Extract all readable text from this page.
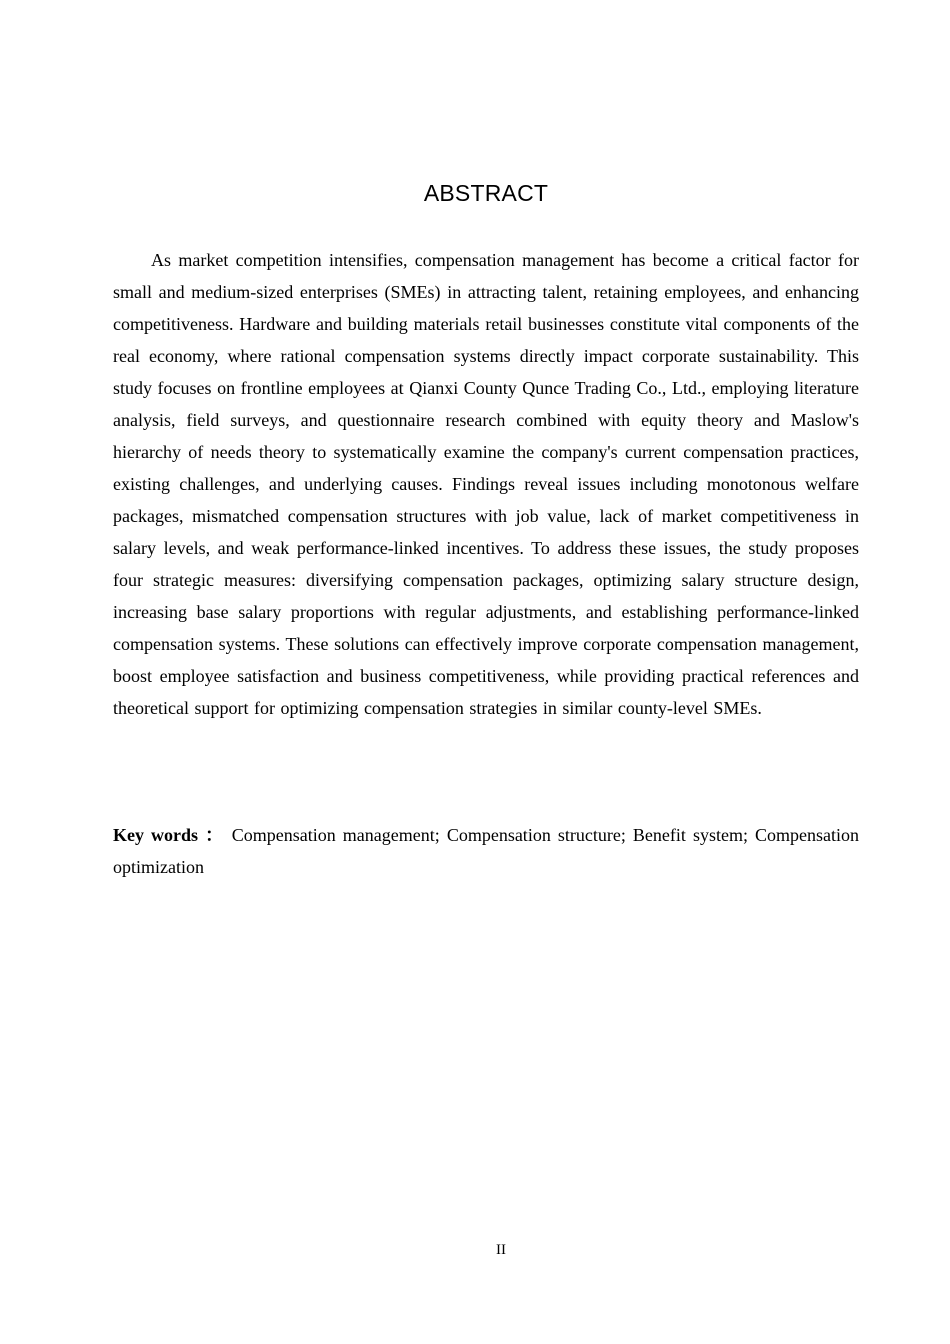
ABSTRACT

As market competition intensifies, compensation management has become a critical factor for small and medium-sized enterprises (SMEs) in attracting talent, retaining employees, and enhancing competitiveness. Hardware and building materials retail businesses constitute vital components of the real economy, where rational compensation systems directly impact corporate sustainability. This study focuses on frontline employees at Qianxi County Qunce Trading Co., Ltd., employing literature analysis, field surveys, and questionnaire research combined with equity theory and Maslow's hierarchy of needs theory to systematically examine the company's current compensation practices, existing challenges, and underlying causes. Findings reveal issues including monotonous welfare packages, mismatched compensation structures with job value, lack of market competitiveness in salary levels, and weak performance-linked incentives. To address these issues, the study proposes four strategic measures: diversifying compensation packages, optimizing salary structure design, increasing base salary proportions with regular adjustments, and establishing performance-linked compensation systems. These solutions can effectively improve corporate compensation management, boost employee satisfaction and business competitiveness, while providing practical references and theoretical support for optimizing compensation strategies in similar county-level SMEs.

Key words ： Compensation management; Compensation structure; Benefit system; Compensation optimization

II
